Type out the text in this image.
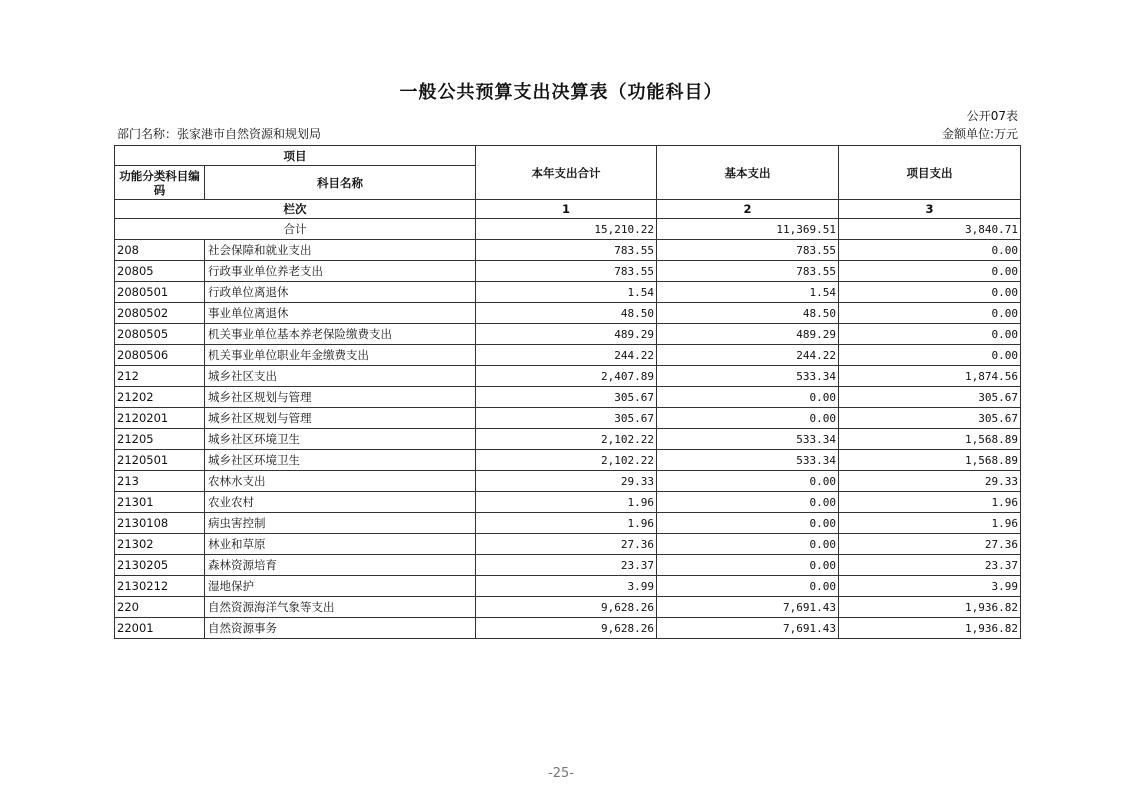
一般公共预算支出决算表（功能科目）
公开07表
部门名称：张家港市自然资源和规划局	金额单位:万元
项目		本年支出合计	基本支出	项目支出
功能分类科目编码	科目名称			
栏次		1	2	3
合计		15,210.22	11,369.51	3,840.71
208	社会保障和就业支出	783.55	783.55	0.00
20805	行政事业单位养老支出	783.55	783.55	0.00
2080501	行政单位离退休	1.54	1.54	0.00
2080502	事业单位离退休	48.50	48.50	0.00
2080505	机关事业单位基本养老保险缴费支出	489.29	489.29	0.00
2080506	机关事业单位职业年金缴费支出	244.22	244.22	0.00
212	城乡社区支出	2,407.89	533.34	1,874.56
21202	城乡社区规划与管理	305.67	0.00	305.67
2120201	城乡社区规划与管理	305.67	0.00	305.67
21205	城乡社区环境卫生	2,102.22	533.34	1,568.89
2120501	城乡社区环境卫生	2,102.22	533.34	1,568.89
213	农林水支出	29.33	0.00	29.33
21301	农业农村	1.96	0.00	1.96
2130108	病虫害控制	1.96	0.00	1.96
21302	林业和草原	27.36	0.00	27.36
2130205	森林资源培育	23.37	0.00	23.37
2130212	湿地保护	3.99	0.00	3.99
220	自然资源海洋气象等支出	9,628.26	7,691.43	1,936.82
22001	自然资源事务	9,628.26	7,691.43	1,936.82
-25-
